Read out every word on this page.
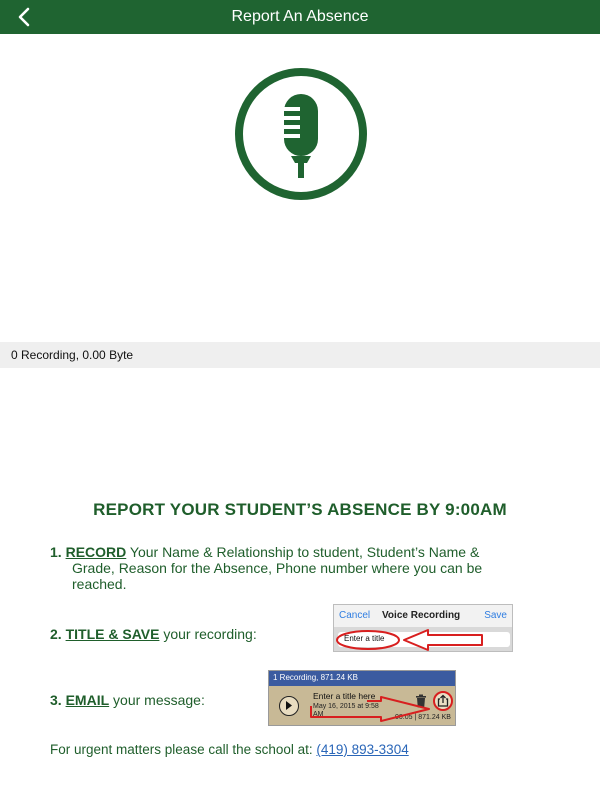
Report An Absence
0 Recording, 0.00 Byte
REPORT YOUR STUDENT’S ABSENCE BY 9:00AM
1. RECORD Your Name & Relationship to student, Student’s Name &
Grade, Reason for the Absence, Phone number where you can be
reached.
2. TITLE & SAVE your recording:
Cancel Voice Recording Save
Enter a title
3. EMAIL your message:
1 Recording, 871.24 KB
Enter a title here
May 16, 2015 at 9:58 AM	00:05 | 871.24 KB
For urgent matters please call the school at: (419) 893-3304
